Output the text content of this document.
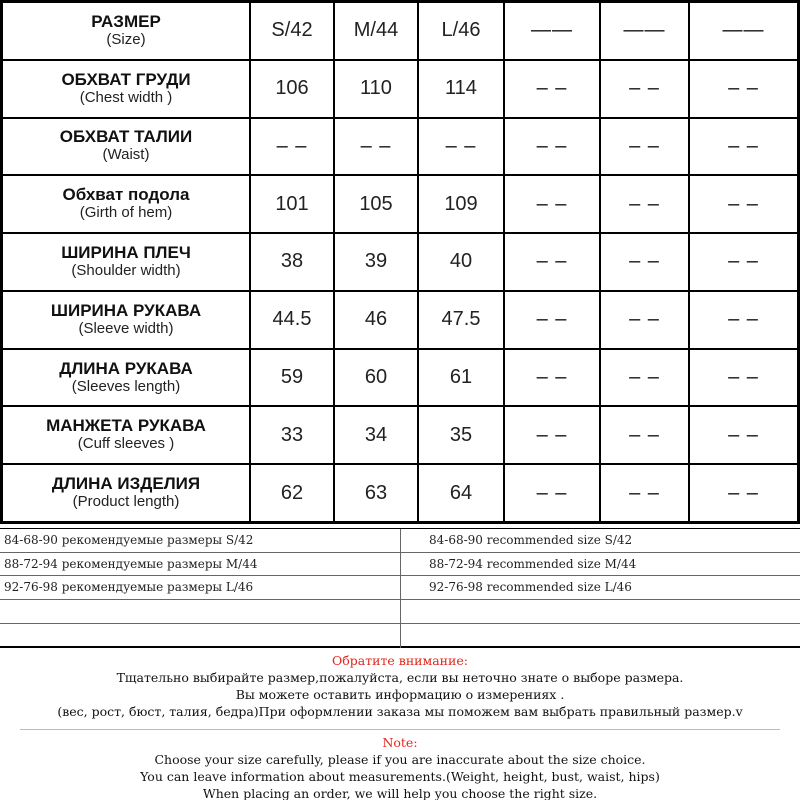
РАЗМЕР
(Size)	S/42	M/44	L/46	——	——	——
ОБХВАТ ГРУДИ
(Chest width )	106	110	114	– –	– –	– –
ОБХВАТ ТАЛИИ
(Waist)	– –	– –	– –	– –	– –	– –
Обхват подола
(Girth of hem)	101	105	109	– –	– –	– –
ШИРИНА ПЛЕЧ
(Shoulder width)	38	39	40	– –	– –	– –
ШИРИНА РУКАВА
(Sleeve width)	44.5	46	47.5	– –	– –	– –
ДЛИНА РУКАВА
(Sleeves length)	59	60	61	– –	– –	– –
МАНЖЕТА РУКАВА
(Cuff sleeves )	33	34	35	– –	– –	– –
ДЛИНА ИЗДЕЛИЯ
(Product length)	62	63	64	– –	– –	– –
84-68-90 рекомендуемые размеры S/42	84-68-90 recommended size S/42
88-72-94 рекомендуемые размеры M/44	88-72-94 recommended size M/44
92-76-98 рекомендуемые размеры L/46	92-76-98 recommended size L/46
Обратите внимание:
Тщательно выбирайте размер,пожалуйста, если вы неточно знате о выборе размера.
Вы можете оставить информацию о измерениях .
(вес, рост, бюст, талия, бедра)При оформлении заказа мы поможем вам выбрать правильный размер.v
Note:
Choose your size carefully, please if you are inaccurate about the size choice.
You can leave information about measurements.(Weight, height, bust, waist, hips)
When placing an order, we will help you choose the right size.
